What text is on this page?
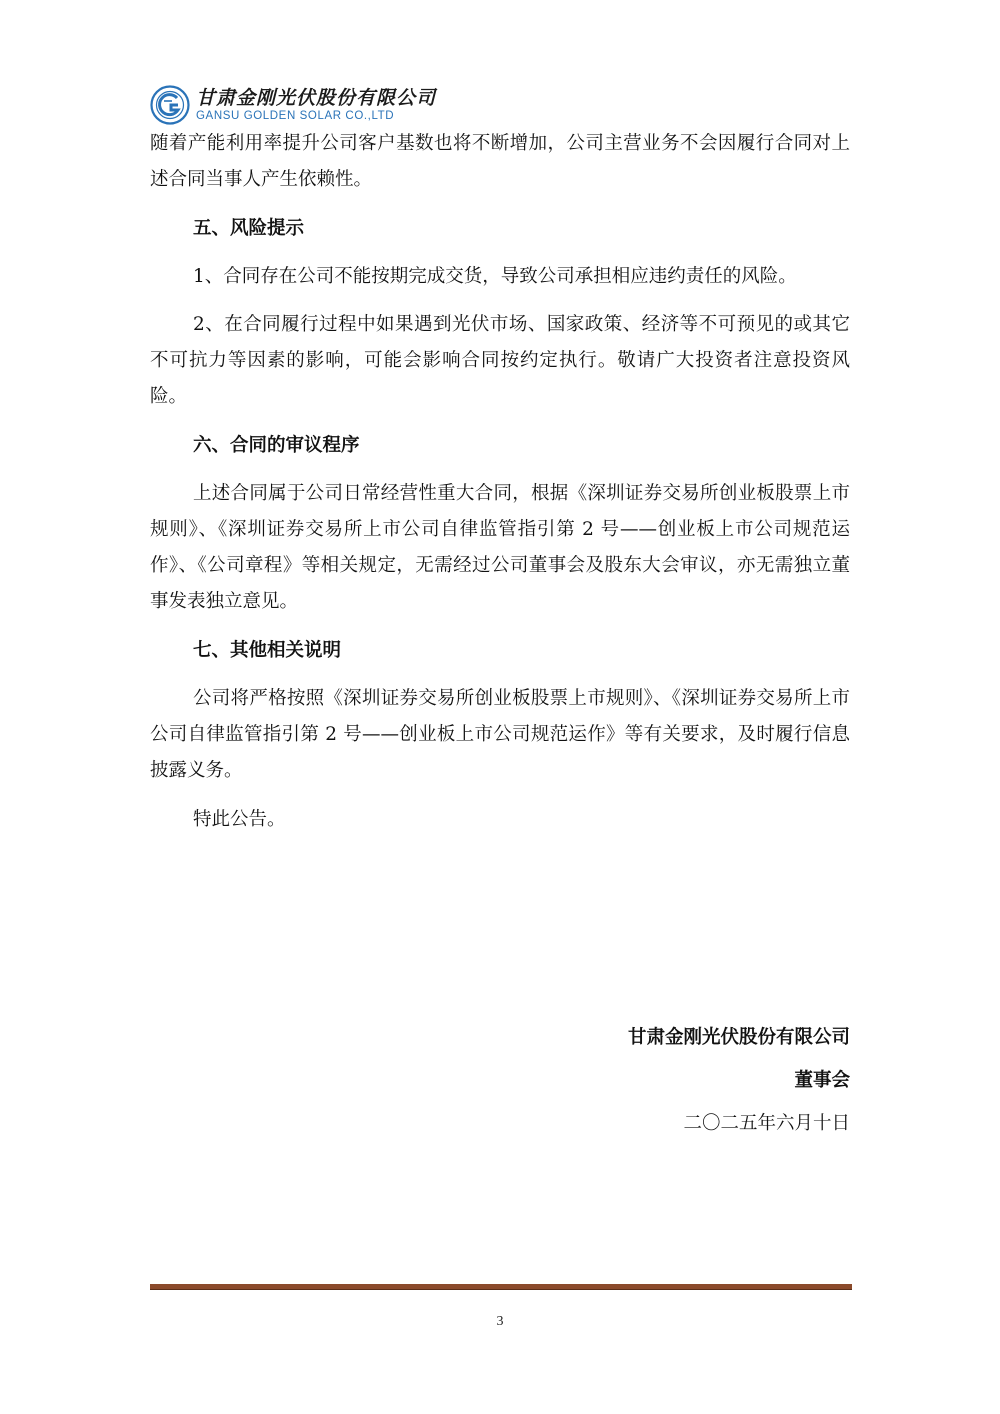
甘肃金刚光伏股份有限公司
GANSU GOLDEN SOLAR CO.,LTD

随着产能利用率提升公司客户基数也将不断增加，公司主营业务不会因履行合同对上述合同当事人产生依赖性。

五、风险提示

1、合同存在公司不能按期完成交货，导致公司承担相应违约责任的风险。

2、在合同履行过程中如果遇到光伏市场、国家政策、经济等不可预见的或其它不可抗力等因素的影响，可能会影响合同按约定执行。敬请广大投资者注意投资风险。

六、合同的审议程序

上述合同属于公司日常经营性重大合同，根据《深圳证券交易所创业板股票上市规则》、《深圳证券交易所上市公司自律监管指引第 2 号——创业板上市公司规范运作》、《公司章程》等相关规定，无需经过公司董事会及股东大会审议，亦无需独立董事发表独立意见。

七、其他相关说明

公司将严格按照《深圳证券交易所创业板股票上市规则》、《深圳证券交易所上市公司自律监管指引第 2 号——创业板上市公司规范运作》等有关要求，及时履行信息披露义务。

特此公告。

甘肃金刚光伏股份有限公司
董事会
二〇二五年六月十日
3
